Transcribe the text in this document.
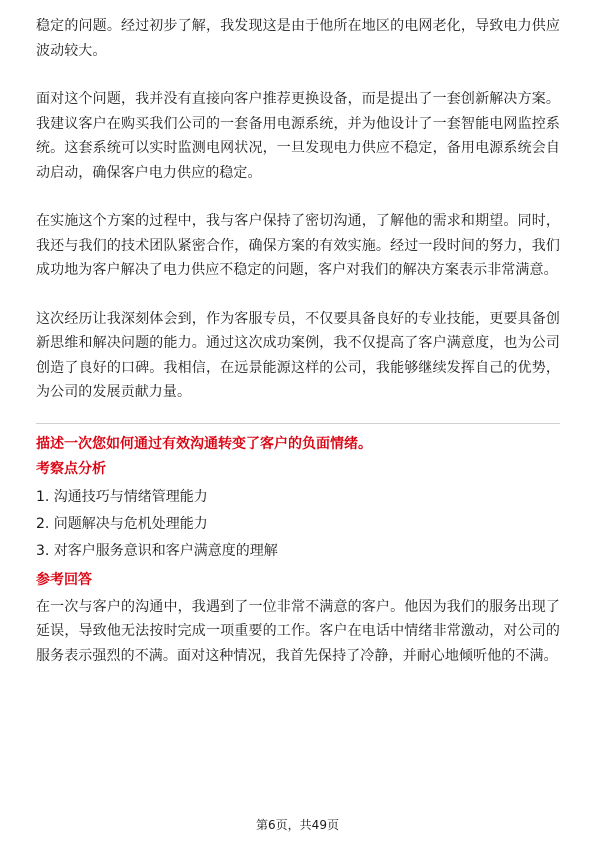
稳定的问题。经过初步了解，我发现这是由于他所在地区的电网老化，导致电力供应波动较大。

面对这个问题，我并没有直接向客户推荐更换设备，而是提出了一套创新解决方案。我建议客户在购买我们公司的一套备用电源系统，并为他设计了一套智能电网监控系统。这套系统可以实时监测电网状况，一旦发现电力供应不稳定，备用电源系统会自动启动，确保客户电力供应的稳定。

在实施这个方案的过程中，我与客户保持了密切沟通，了解他的需求和期望。同时，我还与我们的技术团队紧密合作，确保方案的有效实施。经过一段时间的努力，我们成功地为客户解决了电力供应不稳定的问题，客户对我们的解决方案表示非常满意。

这次经历让我深刻体会到，作为客服专员，不仅要具备良好的专业技能，更要具备创新思维和解决问题的能力。通过这次成功案例，我不仅提高了客户满意度，也为公司创造了良好的口碑。我相信，在远景能源这样的公司，我能够继续发挥自己的优势，为公司的发展贡献力量。

描述一次您如何通过有效沟通转变了客户的负面情绪。

考察点分析

1. 沟通技巧与情绪管理能力

2. 问题解决与危机处理能力

3. 对客户服务意识和客户满意度的理解

参考回答

在一次与客户的沟通中，我遇到了一位非常不满意的客户。他因为我们的服务出现了延误，导致他无法按时完成一项重要的工作。客户在电话中情绪非常激动，对公司的服务表示强烈的不满。面对这种情况，我首先保持了冷静，并耐心地倾听他的不满。

第6页，共49页
